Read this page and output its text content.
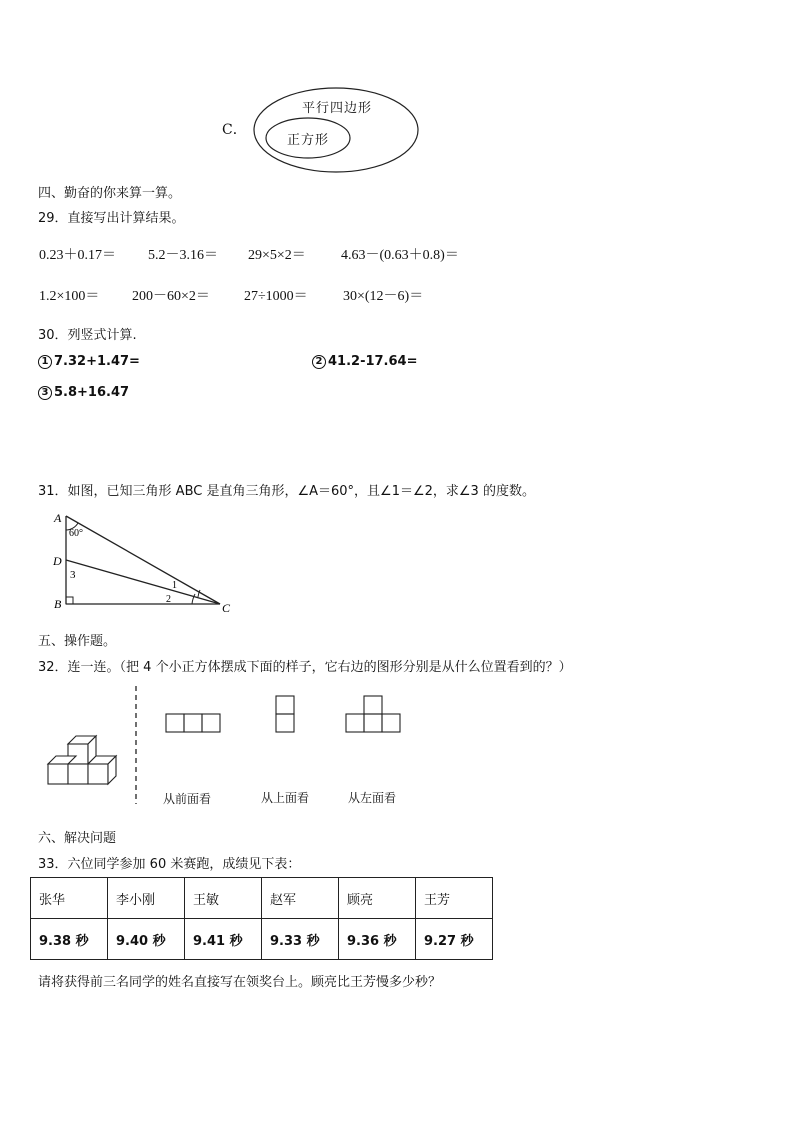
C．
平行四边形
正方形
四、勤奋的你来算一算。
29．直接写出计算结果。
0.23＋0.17＝ 5.2－3.16＝ 29×5×2＝	4.63－(0.63＋0.8)＝
1.2×100＝ 200－60×2＝ 27÷1000＝	30×(12－6)＝
30．列竖式计算.
1 7.32+1.47=	2 41.2-17.64=
3 5.8+16.47
31．如图，已知三角形 ABC 是直角三角形，∠A＝60°，且∠1＝∠2，求∠3 的度数。
A
D
B	C
60°
3
1
2
五、操作题。
32．连一连。（把 4 个小正方体摆成下面的样子，它右边的图形分别是从什么位置看到的？）
从前面看	从上面看	从左面看
六、解决问题
33．六位同学参加 60 米赛跑，成绩见下表：
张华	李小刚	王敏	赵军	顾亮	王芳
9.38 秒	9.40 秒	9.41 秒	9.33 秒	9.36 秒	9.27 秒
请将获得前三名同学的姓名直接写在领奖台上。顾亮比王芳慢多少秒？
